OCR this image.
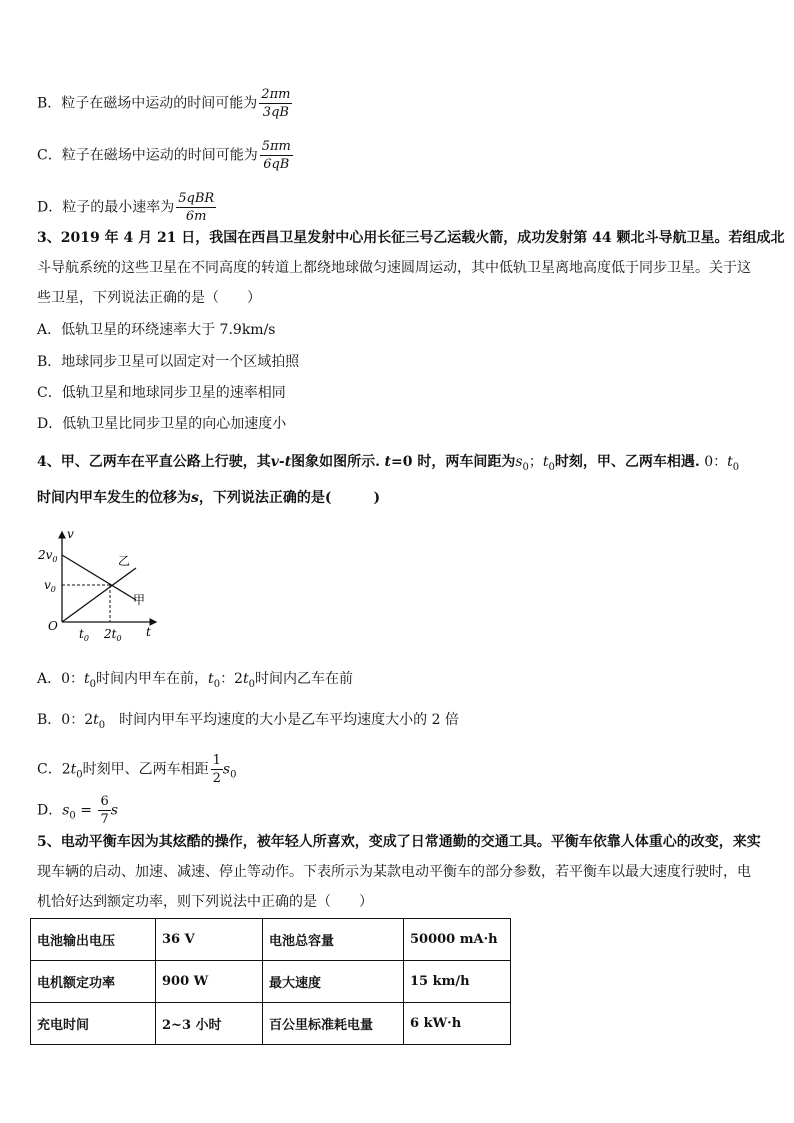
B．粒子在磁场中运动的时间可能为 $\frac{2\pi m}{3qB}$
C．粒子在磁场中运动的时间可能为 $\frac{5\pi m}{6qB}$
D．粒子的最小速率为 $\frac{\text{5qBR}}{6m}$
3、2019 年 4 月 21 日，我国在西昌卫星发射中心用长征三号乙运载火箭，成功发射第 44 颗北斗导航卫星。若组成北
斗导航系统的这些卫星在不同高度的转道上都绕地球做匀速圆周运动，其中低轨卫星离地高度低于同步卫星。关于这
些卫星，下列说法正确的是（　　）
A．低轨卫星的环绕速率大于 7.9km/s
B．地球同步卫星可以固定对一个区域拍照
C．低轨卫星和地球同步卫星的速率相同
D．低轨卫星比同步卫星的向心加速度小
4、甲、乙两车在平直公路上行驶，其v-t图象如图所示. t=0 时，两车间距为$s_0$；$t_0$时刻，甲、乙两车相遇. 0：$t_0$
时间内甲车发生的位移为s，下列说法正确的是(　　　)
v
t
O
$2v_0$
$v_0$
$t_0$ $2t_0$
乙
甲
A．0：$t_0$时间内甲车在前，$t_0$：$2t_0$时间内乙车在前
B．0：$2t_0$　 时间内甲车平均速度的大小是乙车平均速度大小的 2 倍
C．$2t_0$时刻甲、乙两车相距 $\frac{1}{2} s_0$
D．$s_0 = \frac{6}{7}$ s
5、电动平衡车因为其炫酷的操作，被年轻人所喜欢，变成了日常通勤的交通工具。平衡车依靠人体重心的改变，来实
现车辆的启动、加速、减速、停止等动作。下表所示为某款电动平衡车的部分参数，若平衡车以最大速度行驶时，电
机恰好达到额定功率，则下列说法中正确的是（　　）
电池输出电压	36 V	电池总容量	50000 mA·h
电机额定功率	900 W	最大速度	15 km/h
充电时间	2~3 小时	百公里标准耗电量	6 kW·h
